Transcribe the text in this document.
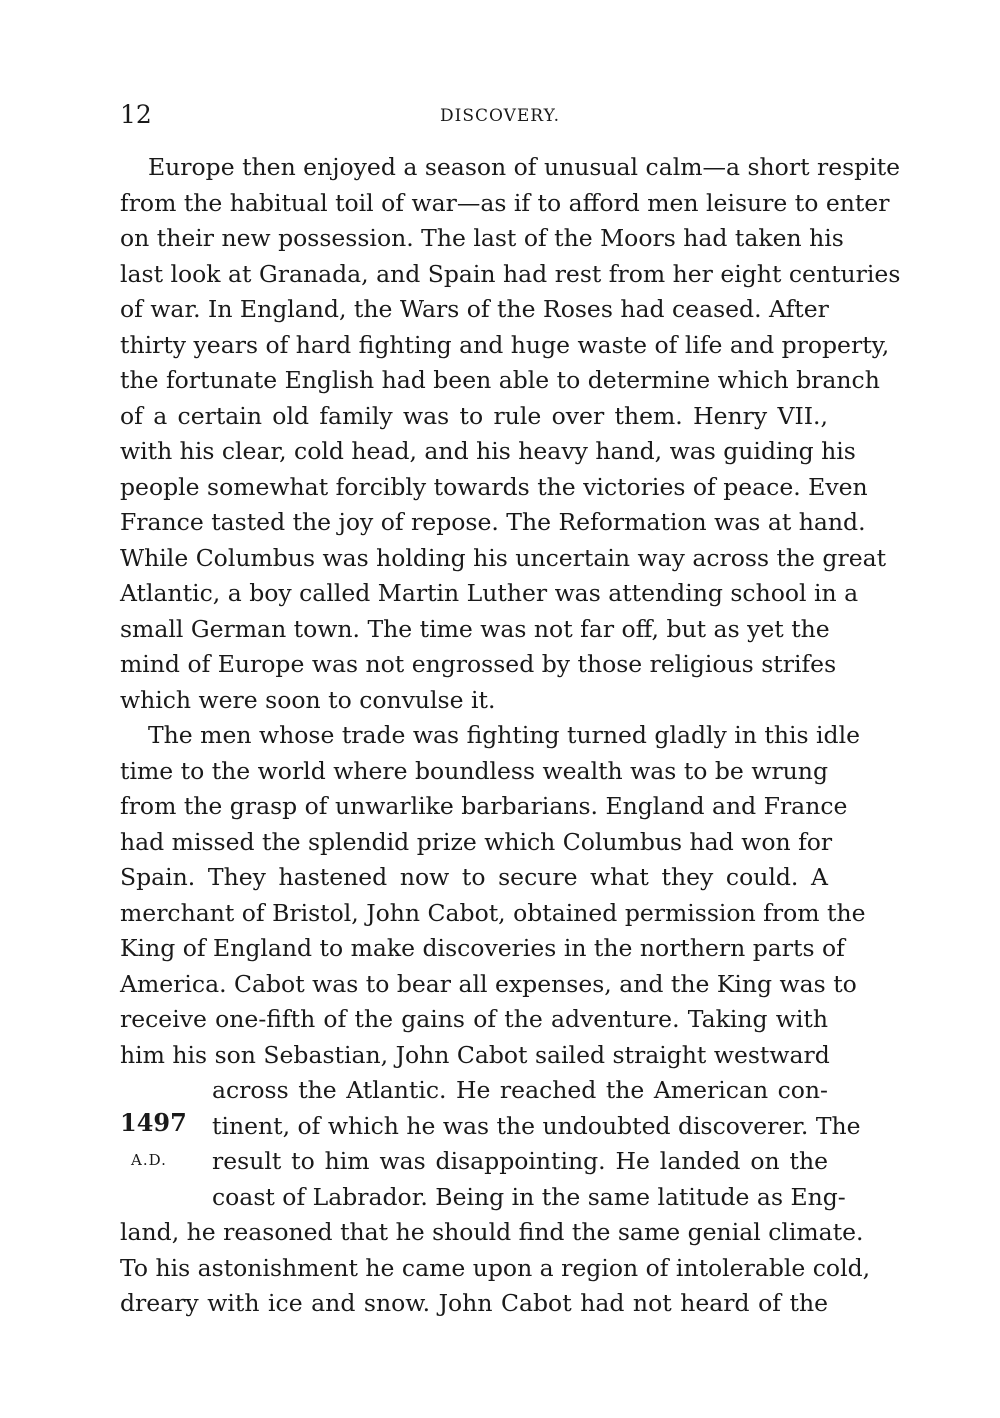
12	DISCOVERY.
Europe then enjoyed a season of unusual calm—a short respite
from the habitual toil of war—as if to afford men leisure to enter
on their new possession. The last of the Moors had taken his
last look at Granada, and Spain had rest from her eight centuries
of war. In England, the Wars of the Roses had ceased. After
thirty years of hard fighting and huge waste of life and property,
the fortunate English had been able to determine which branch
of a certain old family was to rule over them. Henry VII.,
with his clear, cold head, and his heavy hand, was guiding his
people somewhat forcibly towards the victories of peace. Even
France tasted the joy of repose. The Reformation was at hand.
While Columbus was holding his uncertain way across the great
Atlantic, a boy called Martin Luther was attending school in a
small German town. The time was not far off, but as yet the
mind of Europe was not engrossed by those religious strifes
which were soon to convulse it.
The men whose trade was fighting turned gladly in this idle
time to the world where boundless wealth was to be wrung
from the grasp of unwarlike barbarians. England and France
had missed the splendid prize which Columbus had won for
Spain. They hastened now to secure what they could. A
merchant of Bristol, John Cabot, obtained permission from the
King of England to make discoveries in the northern parts of
America. Cabot was to bear all expenses, and the King was to
receive one-fifth of the gains of the adventure. Taking with
him his son Sebastian, John Cabot sailed straight westward
across the Atlantic. He reached the American con-
tinent, of which he was the undoubted discoverer. The
result to him was disappointing. He landed on the
coast of Labrador. Being in the same latitude as Eng-
land, he reasoned that he should find the same genial climate.
To his astonishment he came upon a region of intolerable cold,
dreary with ice and snow. John Cabot had not heard of the
1497
A.D.
